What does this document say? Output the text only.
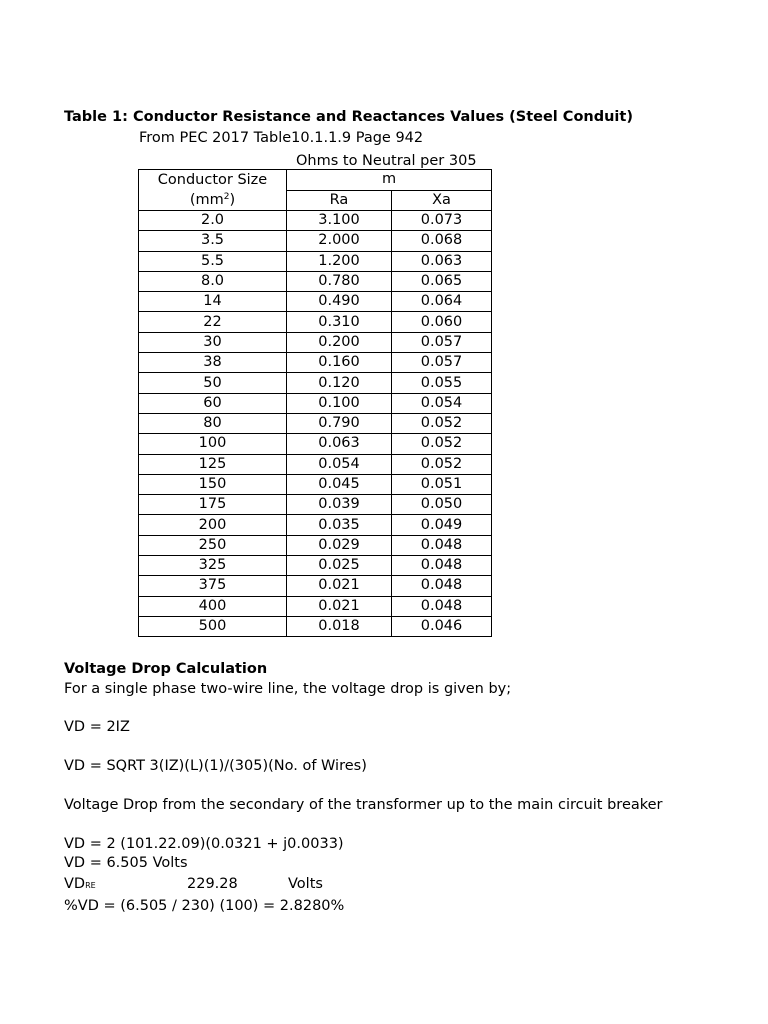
Table 1: Conductor Resistance and Reactances Values (Steel Conduit)
From PEC 2017 Table10.1.1.9 Page 942
Ohms to Neutral per 305
Conductor Size
$(mm^2)$	m	
	Ra	Xa
2.0	3.100	0.073
3.5	2.000	0.068
5.5	1.200	0.063
8.0	0.780	0.065
14	0.490	0.064
22	0.310	0.060
30	0.200	0.057
38	0.160	0.057
50	0.120	0.055
60	0.100	0.054
80	0.790	0.052
100	0.063	0.052
125	0.054	0.052
150	0.045	0.051
175	0.039	0.050
200	0.035	0.049
250	0.029	0.048
325	0.025	0.048
375	0.021	0.048
400	0.021	0.048
500	0.018	0.046
Voltage Drop Calculation
For a single phase two-wire line, the voltage drop is given by;
VD = 2IZ
VD = SQRT 3(IZ)(L)(1)/(305)(No. of Wires)
Voltage Drop from the secondary of the transformer up to the main circuit breaker
VD = 2 (101.22.09)(0.0321 + j0.0033)
VD = 6.505 Volts
VDRE	229.28	Volts
%VD = (6.505 / 230) (100) = 2.8280%
